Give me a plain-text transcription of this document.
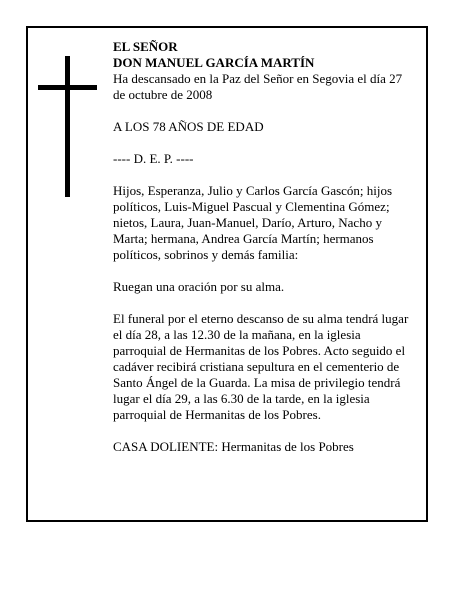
EL SEÑOR

DON MANUEL GARCÍA MARTÍN

Ha descansado en la Paz del Señor en Segovia el día 27 de octubre de 2008

A LOS 78 AÑOS DE EDAD

---- D. E. P. ----

Hijos, Esperanza, Julio y Carlos García Gascón; hijos políticos, Luis-Miguel Pascual y Clementina Gómez; nietos, Laura, Juan-Manuel, Darío, Arturo, Nacho y Marta; hermana, Andrea García Martín; hermanos políticos, sobrinos y demás familia:

Ruegan una oración por su alma.

El funeral por el eterno descanso de su alma tendrá lugar el día 28, a las 12.30 de la mañana, en la iglesia parroquial de Hermanitas de los Pobres. Acto seguido el cadáver recibirá cristiana sepultura en el cementerio de Santo Ángel de la Guarda. La misa de privilegio tendrá lugar el día 29, a las 6.30 de la tarde, en la iglesia parroquial de Hermanitas de los Pobres.

CASA DOLIENTE: Hermanitas de los Pobres
